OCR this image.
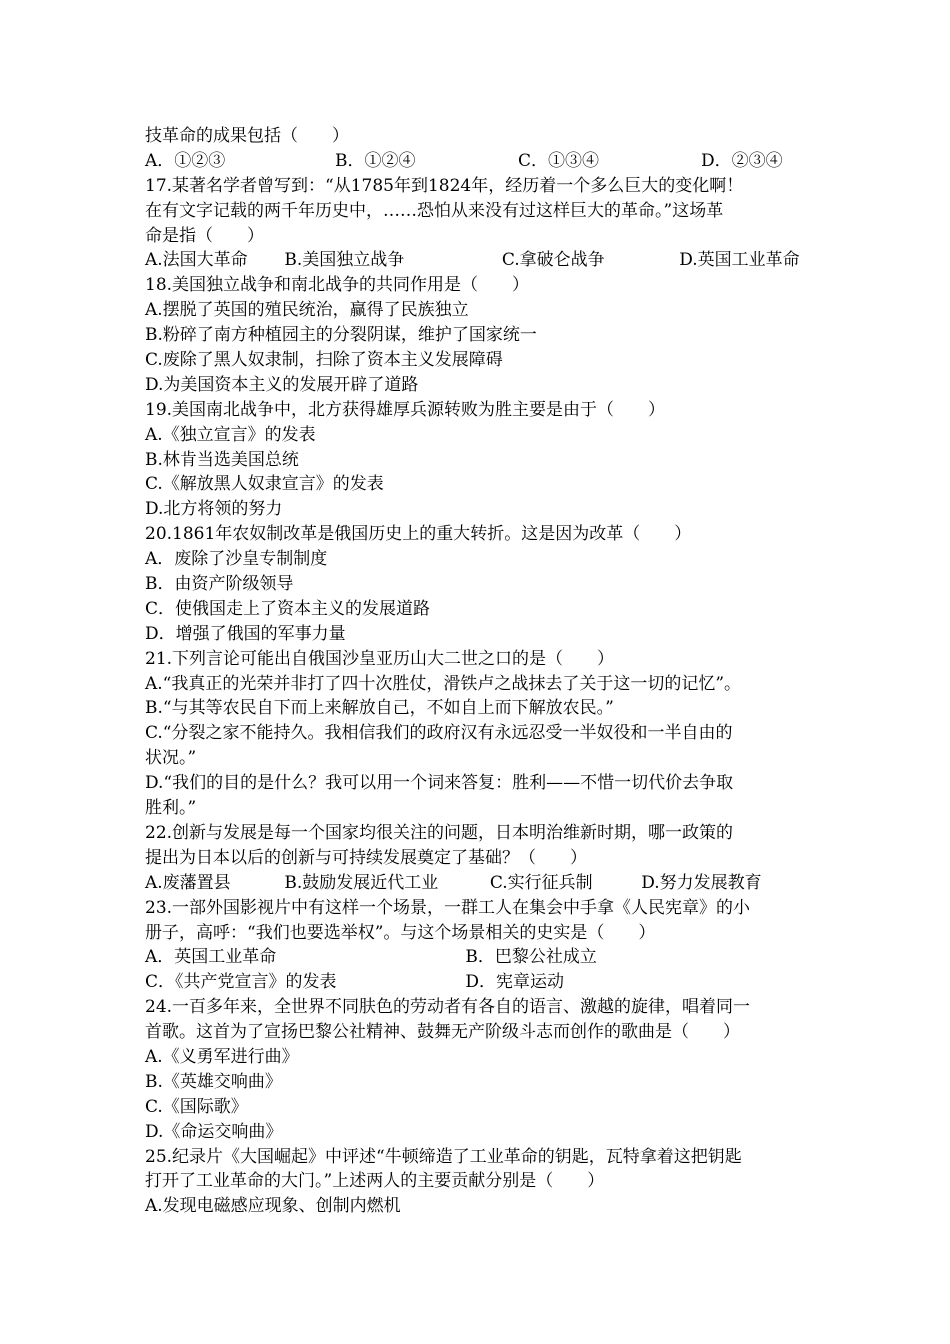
技革命的成果包括（　　）
A．①②③	B．①②④	C．①③④	D．②③④
17.某著名学者曾写到：“从1785年到1824年，经历着一个多么巨大的变化啊！
在有文字记载的两千年历史中，……恐怕从来没有过这样巨大的革命。”这场革
命是指（　　）
A.法国大革命 B.美国独立战争	C.拿破仑战争	D.英国工业革命
18.美国独立战争和南北战争的共同作用是（　　）
A.摆脱了英国的殖民统治，赢得了民族独立
B.粉碎了南方种植园主的分裂阴谋，维护了国家统一
C.废除了黑人奴隶制，扫除了资本主义发展障碍
D.为美国资本主义的发展开辟了道路
19.美国南北战争中，北方获得雄厚兵源转败为胜主要是由于（　　）
A.《独立宣言》的发表
B.林肯当选美国总统
C.《解放黑人奴隶宣言》的发表
D.北方将领的努力
20.1861年农奴制改革是俄国历史上的重大转折。这是因为改革（　　）
A．废除了沙皇专制制度
B．由资产阶级领导
C．使俄国走上了资本主义的发展道路
D．增强了俄国的军事力量
21.下列言论可能出自俄国沙皇亚历山大二世之口的是（　　）
A.“我真正的光荣并非打了四十次胜仗，滑铁卢之战抹去了关于这一切的记忆”。
B.“与其等农民自下而上来解放自己，不如自上而下解放农民。”
C.“分裂之家不能持久。我相信我们的政府汉有永远忍受一半奴役和一半自由的
状况。”
D.“我们的目的是什么？我可以用一个词来答复：胜利——不惜一切代价去争取
胜利。”
22.创新与发展是每一个国家均很关注的问题，日本明治维新时期，哪一政策的
提出为日本以后的创新与可持续发展奠定了基础？（　　）
A.废藩置县	B.鼓励发展近代工业	C.实行征兵制	D.努力发展教育
23.一部外国影视片中有这样一个场景，一群工人在集会中手拿《人民宪章》的小
册子，高呼：“我们也要选举权”。与这个场景相关的史实是（　　）
A．英国工业革命	B．巴黎公社成立
C．《共产党宣言》的发表	D．宪章运动
24.一百多年来，全世界不同肤色的劳动者有各自的语言、激越的旋律，唱着同一
首歌。这首为了宣扬巴黎公社精神、鼓舞无产阶级斗志而创作的歌曲是（　　）
A.《义勇军进行曲》
B.《英雄交响曲》
C.《国际歌》
D.《命运交响曲》
25.纪录片《大国崛起》中评述“牛顿缔造了工业革命的钥匙，瓦特拿着这把钥匙
打开了工业革命的大门。”上述两人的主要贡献分别是（　　）
A.发现电磁感应现象、创制内燃机
